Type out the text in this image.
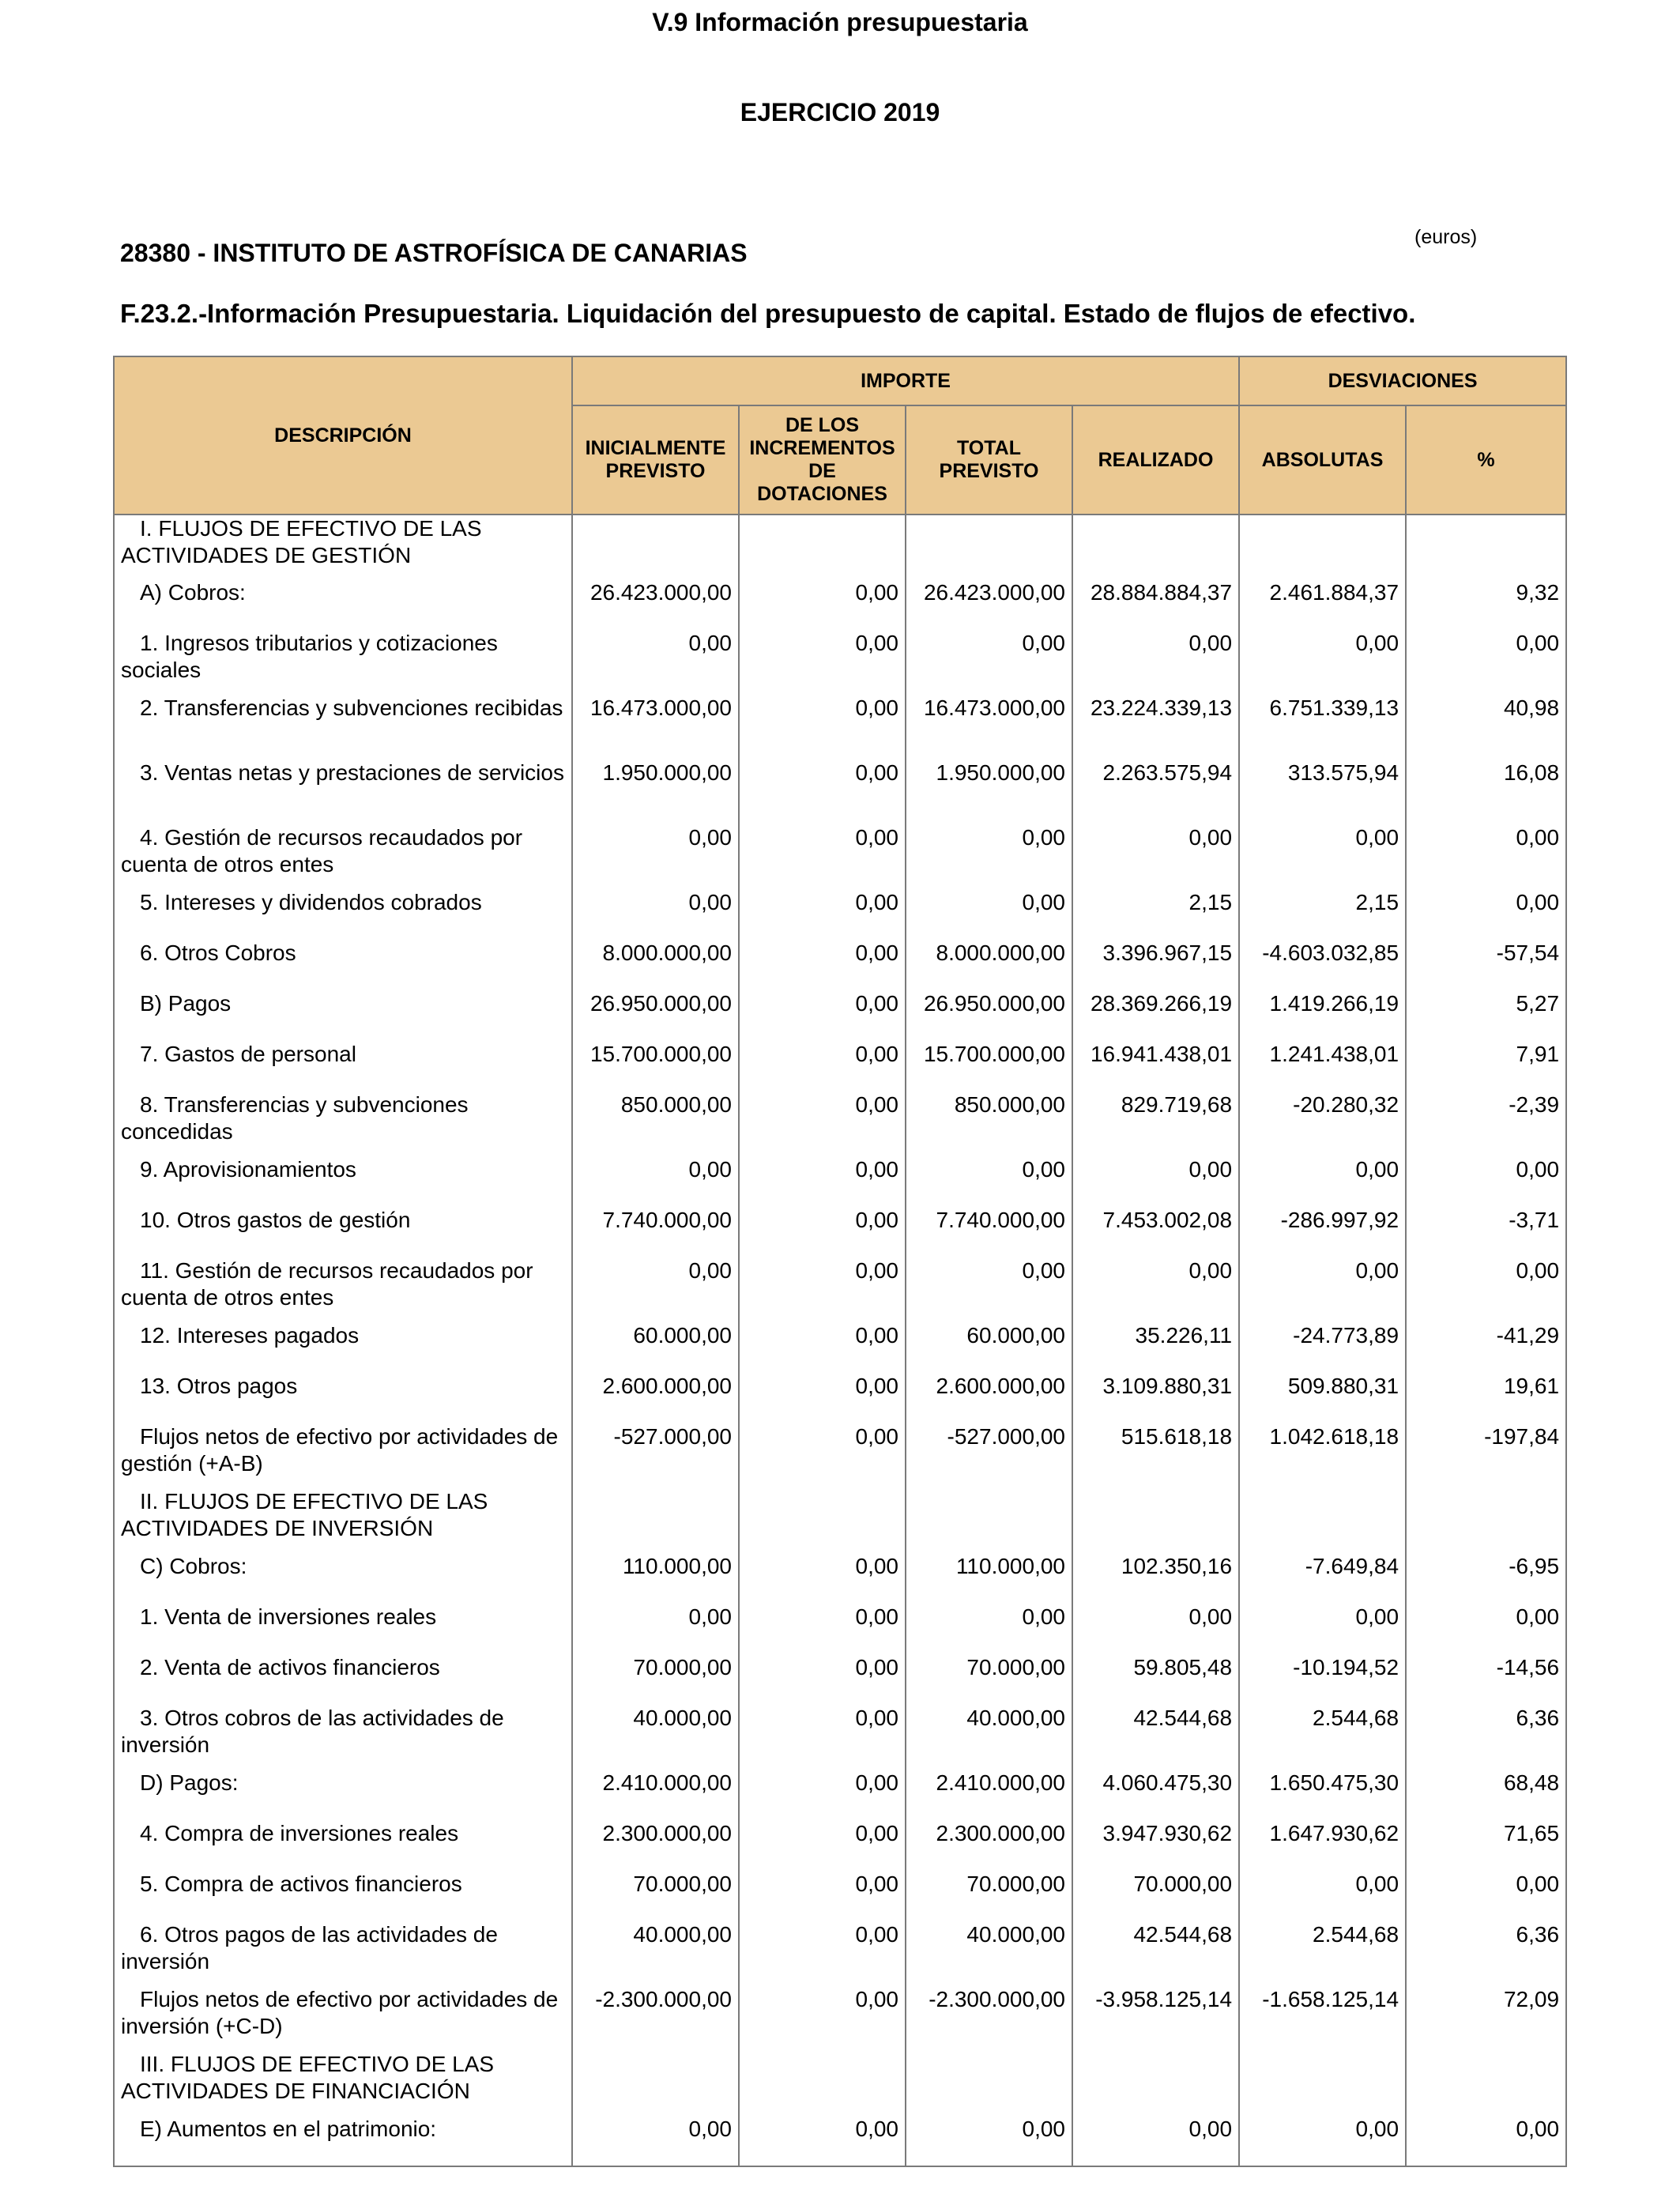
V.9 Información presupuestaria
EJERCICIO 2019
(euros)
28380 - INSTITUTO DE ASTROFÍSICA DE CANARIAS
F.23.2.-Información Presupuestaria. Liquidación del presupuesto de capital. Estado de flujos de efectivo.
DESCRIPCIÓN	IMPORTE				DESVIACIONES	
	INICIALMENTE PREVISTO	DE LOS INCREMENTOS DE DOTACIONES	TOTAL PREVISTO	REALIZADO	ABSOLUTAS	%

I. FLUJOS DE EFECTIVO DE LAS ACTIVIDADES DE GESTIÓN						

A) Cobros:	26.423.000,00	0,00	26.423.000,00	28.884.884,37	2.461.884,37	9,32

1. Ingresos tributarios y cotizaciones sociales	0,00	0,00	0,00	0,00	0,00	0,00

2. Transferencias y subvenciones recibidas	16.473.000,00	0,00	16.473.000,00	23.224.339,13	6.751.339,13	40,98

3. Ventas netas y prestaciones de servicios	1.950.000,00	0,00	1.950.000,00	2.263.575,94	313.575,94	16,08

4. Gestión de recursos recaudados por cuenta de otros entes	0,00	0,00	0,00	0,00	0,00	0,00

5. Intereses y dividendos cobrados	0,00	0,00	0,00	2,15	2,15	0,00

6. Otros Cobros	8.000.000,00	0,00	8.000.000,00	3.396.967,15	-4.603.032,85	-57,54

B) Pagos	26.950.000,00	0,00	26.950.000,00	28.369.266,19	1.419.266,19	5,27

7. Gastos de personal	15.700.000,00	0,00	15.700.000,00	16.941.438,01	1.241.438,01	7,91

8. Transferencias y subvenciones concedidas	850.000,00	0,00	850.000,00	829.719,68	-20.280,32	-2,39

9. Aprovisionamientos	0,00	0,00	0,00	0,00	0,00	0,00

10. Otros gastos de gestión	7.740.000,00	0,00	7.740.000,00	7.453.002,08	-286.997,92	-3,71

11. Gestión de recursos recaudados por cuenta de otros entes	0,00	0,00	0,00	0,00	0,00	0,00

12. Intereses pagados	60.000,00	0,00	60.000,00	35.226,11	-24.773,89	-41,29

13. Otros pagos	2.600.000,00	0,00	2.600.000,00	3.109.880,31	509.880,31	19,61

Flujos netos de efectivo por actividades de gestión (+A-B)	-527.000,00	0,00	-527.000,00	515.618,18	1.042.618,18	-197,84

II. FLUJOS DE EFECTIVO DE LAS ACTIVIDADES DE INVERSIÓN						

C) Cobros:	110.000,00	0,00	110.000,00	102.350,16	-7.649,84	-6,95

1. Venta de inversiones reales	0,00	0,00	0,00	0,00	0,00	0,00

2. Venta de activos financieros	70.000,00	0,00	70.000,00	59.805,48	-10.194,52	-14,56

3. Otros cobros de las actividades de inversión	40.000,00	0,00	40.000,00	42.544,68	2.544,68	6,36

D) Pagos:	2.410.000,00	0,00	2.410.000,00	4.060.475,30	1.650.475,30	68,48

4. Compra de inversiones reales	2.300.000,00	0,00	2.300.000,00	3.947.930,62	1.647.930,62	71,65

5. Compra de activos financieros	70.000,00	0,00	70.000,00	70.000,00	0,00	0,00

6. Otros pagos de las actividades de inversión	40.000,00	0,00	40.000,00	42.544,68	2.544,68	6,36

Flujos netos de efectivo por actividades de inversión (+C-D)	-2.300.000,00	0,00	-2.300.000,00	-3.958.125,14	-1.658.125,14	72,09

III. FLUJOS DE EFECTIVO DE LAS ACTIVIDADES DE FINANCIACIÓN						

E) Aumentos en el patrimonio:	0,00	0,00	0,00	0,00	0,00	0,00
